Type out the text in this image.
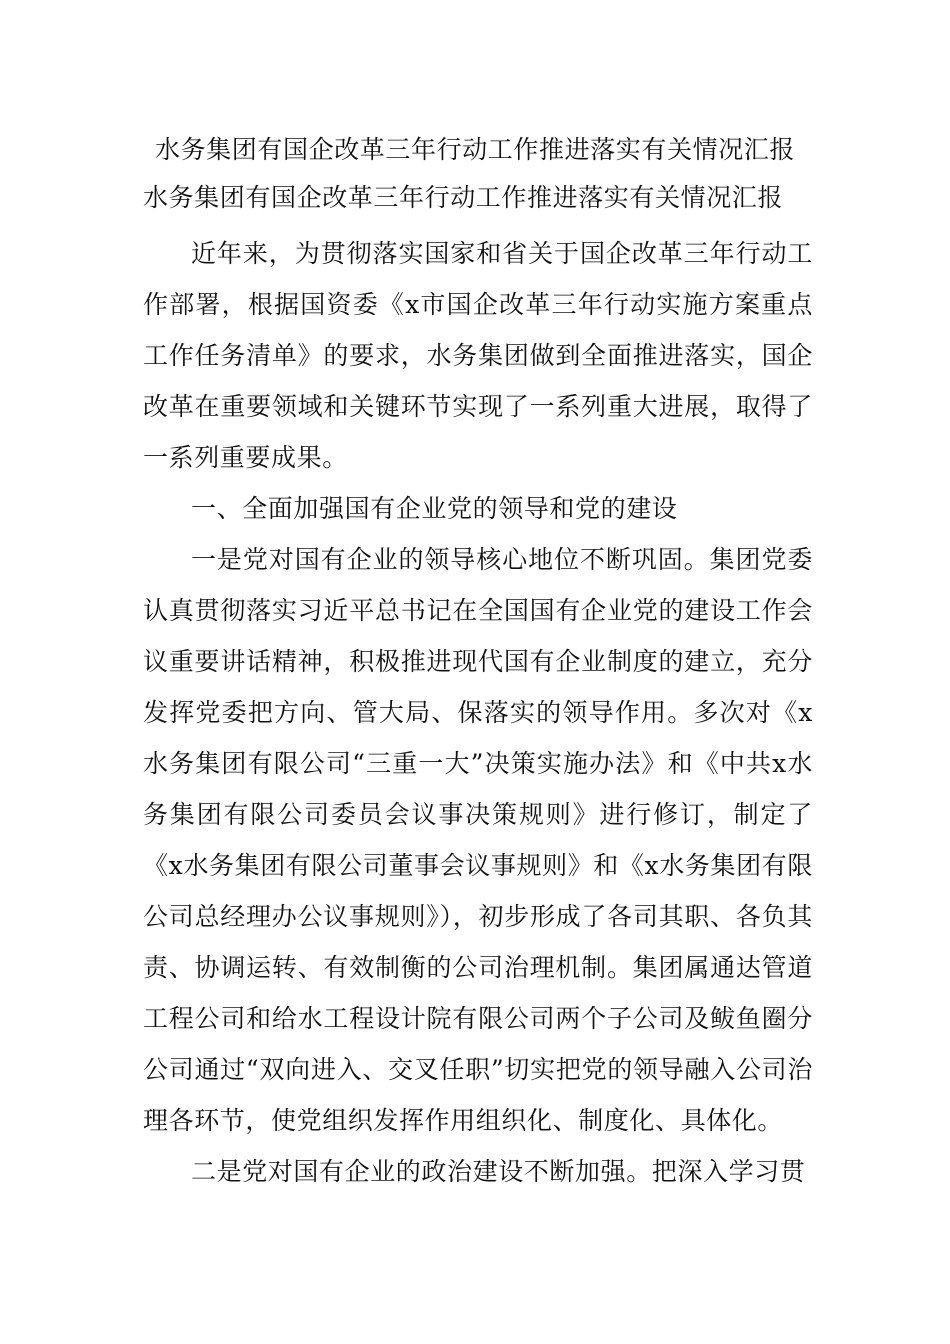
水务集团有国企改革三年行动工作推进落实有关情况汇报
水务集团有国企改革三年行动工作推进落实有关情况汇报

近年来，为贯彻落实国家和省关于国企改革三年行动工作部署，根据国资委《x市国企改革三年行动实施方案重点工作任务清单》的要求，水务集团做到全面推进落实，国企改革在重要领域和关键环节实现了一系列重大进展，取得了一系列重要成果。

一、全面加强国有企业党的领导和党的建设

一是党对国有企业的领导核心地位不断巩固。集团党委认真贯彻落实习近平总书记在全国国有企业党的建设工作会议重要讲话精神，积极推进现代国有企业制度的建立，充分发挥党委把方向、管大局、保落实的领导作用。多次对《x水务集团有限公司“三重一大”决策实施办法》和《中共x水务集团有限公司委员会议事决策规则》进行修订，制定了《x水务集团有限公司董事会议事规则》和《x水务集团有限公司总经理办公议事规则》），初步形成了各司其职、各负其责、协调运转、有效制衡的公司治理机制。集团属通达管道工程公司和给水工程设计院有限公司两个子公司及鲅鱼圈分公司通过“双向进入、交叉任职”切实把党的领导融入公司治理各环节，使党组织发挥作用组织化、制度化、具体化。

二是党对国有企业的政治建设不断加强。把深入学习贯
